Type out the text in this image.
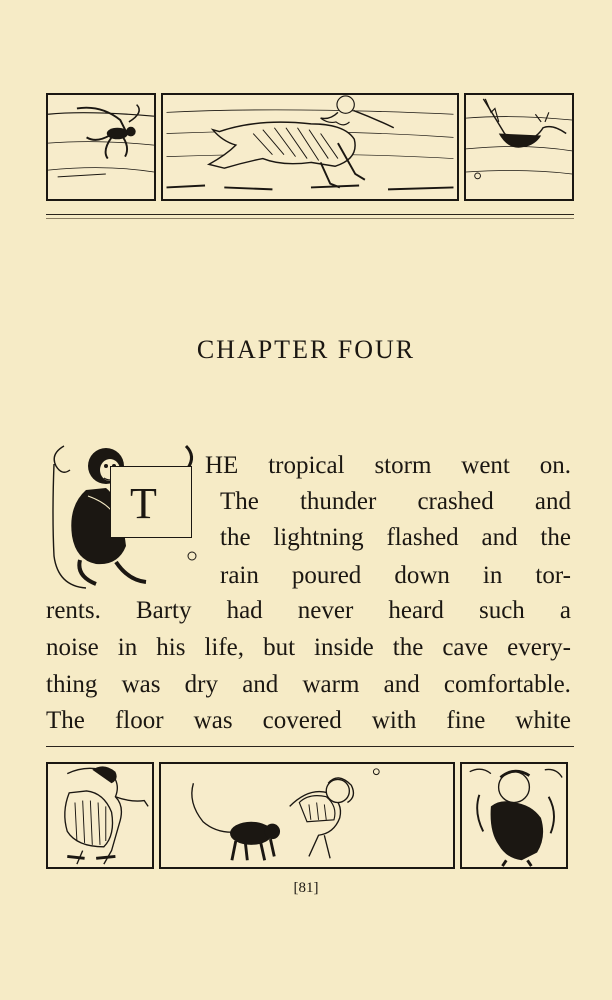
CHAPTER FOUR
T
HE tropical storm went on.
The thunder crashed and
the lightning flashed and the
rain poured down in tor-
rents. Barty had never heard such a
noise in his life, but inside the cave every-
thing was dry and warm and comfortable.
The floor was covered with fine white
[81]
